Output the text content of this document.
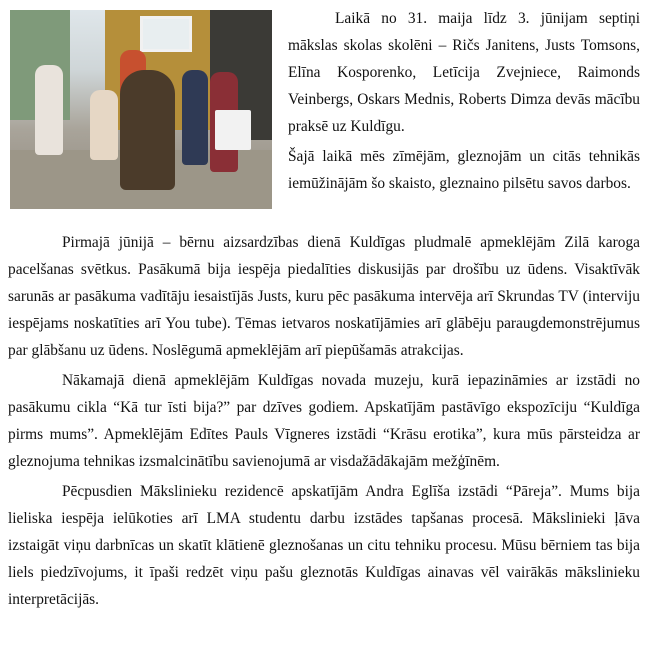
Laikā no 31. maija līdz 3. jūnijam septiņi mākslas skolas skolēni – Ričs Janitens, Justs Tomsons, Elīna Kosporenko, Letīcija Zvejniece, Raimonds Veinbergs, Oskars Mednis, Roberts Dimza devās mācību praksē uz Kuldīgu.

Šajā laikā mēs zīmējām, gleznojām un citās tehnikās iemūžinājām šo skaisto, gleznaino pilsētu savos darbos.

Pirmajā jūnijā – bērnu aizsardzības dienā Kuldīgas pludmalē apmeklējām Zilā karoga pacelšanas svētkus. Pasākumā bija iespēja piedalīties diskusijās par drošību uz ūdens. Visaktīvāk sarunās ar pasākuma vadītāju iesaistījās Justs, kuru pēc pasākuma intervēja arī Skrundas TV (interviju iespējams noskatīties arī You tube). Tēmas ietvaros noskatījāmies arī glābēju paraugdemonstrējumus par glābšanu uz ūdens. Noslēgumā apmeklējām arī piepūšamās atrakcijas.

Nākamajā dienā apmeklējām Kuldīgas novada muzeju, kurā iepazināmies ar izstādi no pasākumu cikla “Kā tur īsti bija?” par dzīves godiem. Apskatījām pastāvīgo ekspozīciju “Kuldīga pirms mums”. Apmeklējām Edītes Pauls Vīgneres izstādi “Krāsu erotika”, kura mūs pārsteidza ar gleznojuma tehnikas izsmalcinātību savienojumā ar visdažādākajām mežģīnēm.

Pēcpusdien Mākslinieku rezidencē apskatījām Andra Eglīša izstādi “Pāreja”. Mums bija lieliska iespēja ielūkoties arī LMA studentu darbu izstādes tapšanas procesā. Mākslinieki ļāva izstaigāt viņu darbnīcas un skatīt klātienē gleznošanas un citu tehniku procesu. Mūsu bērniem tas bija liels piedzīvojums, it īpaši redzēt viņu pašu gleznotās Kuldīgas ainavas vēl vairākās mākslinieku interpretācijās.
